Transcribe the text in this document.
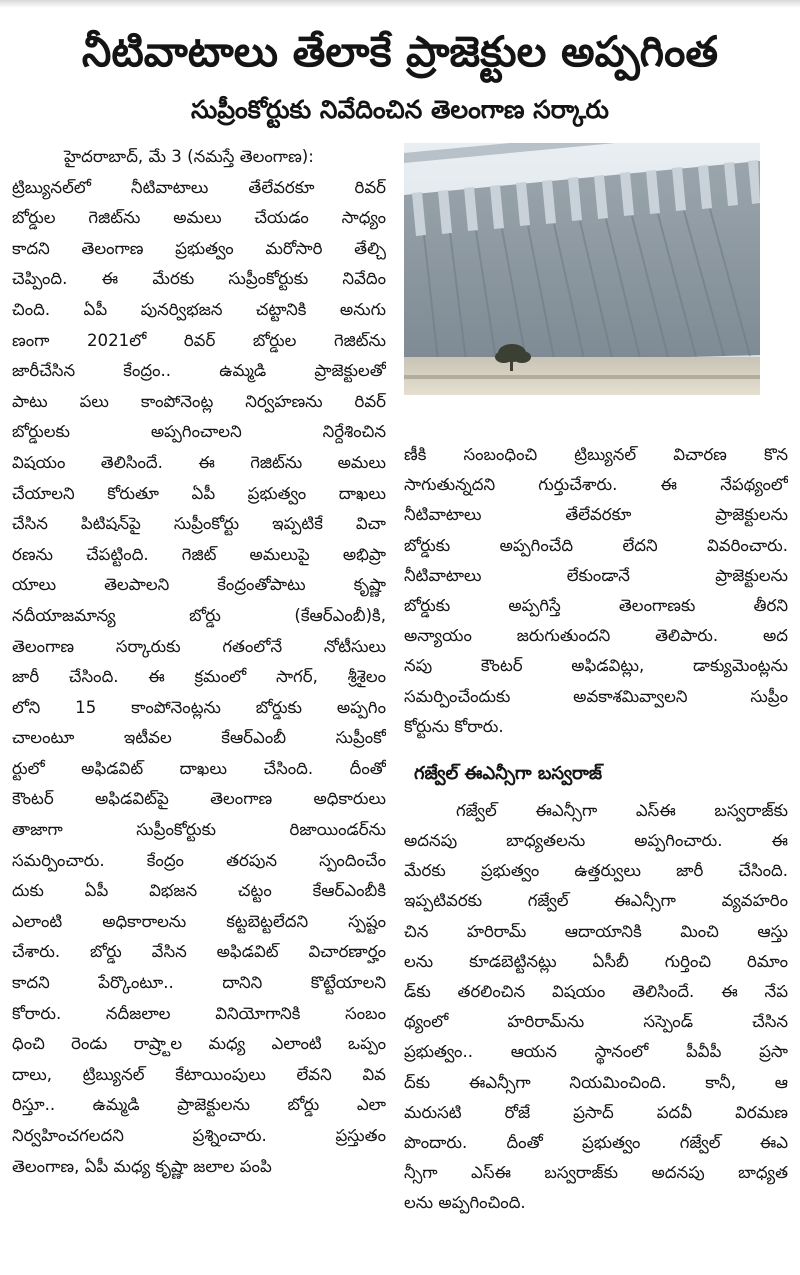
నీటివాటాలు తేలాకే ప్రాజెక్టుల అప్పగింత
సుప్రీంకోర్టుకు నివేదించిన తెలంగాణ సర్కారు
హైదరాబాద్, మే 3 (నమస్తే తెలంగాణ):
ట్రిబ్యునల్‌లో నీటివాటాలు తేలేవరకూ రివర్
బోర్డుల గెజిట్‌ను అమలు చేయడం సాధ్యం
కాదని తెలంగాణ ప్రభుత్వం మరోసారి తేల్చి
చెప్పింది. ఈ మేరకు సుప్రీంకోర్టుకు నివేదిం
చింది. ఏపీ పునర్విభజన చట్టానికి అనుగు
ణంగా 2021లో రివర్ బోర్డుల గెజిట్‌ను
జారీచేసిన కేంద్రం.. ఉమ్మడి ప్రాజెక్టులతో
పాటు పలు కాంపోనెంట్ల నిర్వహణను రివర్
బోర్డులకు అప్పగించాలని నిర్దేశించిన
విషయం తెలిసిందే. ఈ గెజిట్‌ను అమలు
చేయాలని కోరుతూ ఏపీ ప్రభుత్వం దాఖలు
చేసిన పిటిషన్‌పై సుప్రీంకోర్టు ఇప్పటికే విచా
రణను చేపట్టింది. గెజిట్ అమలుపై అభిప్రా
యాలు తెలపాలని కేంద్రంతోపాటు కృష్ణా
నదీయాజమాన్య బోర్డు (కేఆర్‌ఎంబీ)కి,
తెలంగాణ సర్కారుకు గతంలోనే నోటీసులు
జారీ చేసింది. ఈ క్రమంలో సాగర్, శ్రీశైలం
లోని 15 కాంపోనెంట్లను బోర్డుకు అప్పగిం
చాలంటూ ఇటీవల కేఆర్‌ఎంబీ సుప్రీంకో
ర్టులో అఫిడవిట్ దాఖలు చేసింది. దీంతో
కౌంటర్ అఫిడవిట్‌పై తెలంగాణ అధికారులు
తాజాగా సుప్రీంకోర్టుకు రిజాయిండర్‌ను
సమర్పించారు. కేంద్రం తరపున స్పందించేం
దుకు ఏపీ విభజన చట్టం కేఆర్‌ఎంబీకి
ఎలాంటి అధికారాలను కట్టబెట్టలేదని స్పష్టం
చేశారు. బోర్డు వేసిన అఫిడవిట్ విచారణార్హం
కాదని పేర్కొంటూ.. దానిని కొట్టేయాలని
కోరారు. నదీజలాల వినియోగానికి సంబం
ధించి రెండు రాష్ర్టాల మధ్య ఎలాంటి ఒప్పం
దాలు, ట్రిబ్యునల్ కేటాయింపులు లేవని వివ
రిస్తూ.. ఉమ్మడి ప్రాజెక్టులను బోర్డు ఎలా
నిర్వహించగలదని ప్రశ్నించారు. ప్రస్తుతం
తెలంగాణ, ఏపీ మధ్య కృష్ణా జలాల పంపి
ణీకి సంబంధించి ట్రిబ్యునల్ విచారణ కొన
సాగుతున్నదని గుర్తుచేశారు. ఈ నేపథ్యంలో
నీటివాటాలు తేలేవరకూ ప్రాజెక్టులను
బోర్డుకు అప్పగించేది లేదని వివరించారు.
నీటివాటాలు లేకుండానే ప్రాజెక్టులను
బోర్డుకు అప్పగిస్తే తెలంగాణకు తీరని
అన్యాయం జరుగుతుందని తెలిపారు. అద
నపు కౌంటర్ అఫిడవిట్లు, డాక్యుమెంట్లను
సమర్పించేందుకు అవకాశమివ్వాలని సుప్రీం
కోర్టును కోరారు.
గజ్వేల్ ఈఎన్సీగా బస్వరాజ్
గజ్వేల్ ఈఎన్సీగా ఎస్‌ఈ బస్వరాజ్‌కు
అదనపు బాధ్యతలను అప్పగించారు. ఈ
మేరకు ప్రభుత్వం ఉత్తర్వులు జారీ చేసింది.
ఇప్పటివరకు గజ్వేల్ ఈఎన్సీగా వ్యవహరిం
చిన హరిరామ్ ఆదాయానికి మించి ఆస్తు
లను కూడబెట్టినట్లు ఏసీబీ గుర్తించి రిమాం
డ్‌కు తరలించిన విషయం తెలిసిందే. ఈ నేప
థ్యంలో హరిరామ్‌ను సస్పెండ్ చేసిన
ప్రభుత్వం.. ఆయన స్థానంలో పీవీపీ ప్రసా
ద్‌కు ఈఎన్సీగా నియమించింది. కానీ, ఆ
మరుసటి రోజే ప్రసాద్ పదవీ విరమణ
పొందారు. దీంతో ప్రభుత్వం గజ్వేల్ ఈఎ
న్సీగా ఎస్‌ఈ బస్వరాజ్‌కు అదనపు బాధ్యత
లను అప్పగించింది.
